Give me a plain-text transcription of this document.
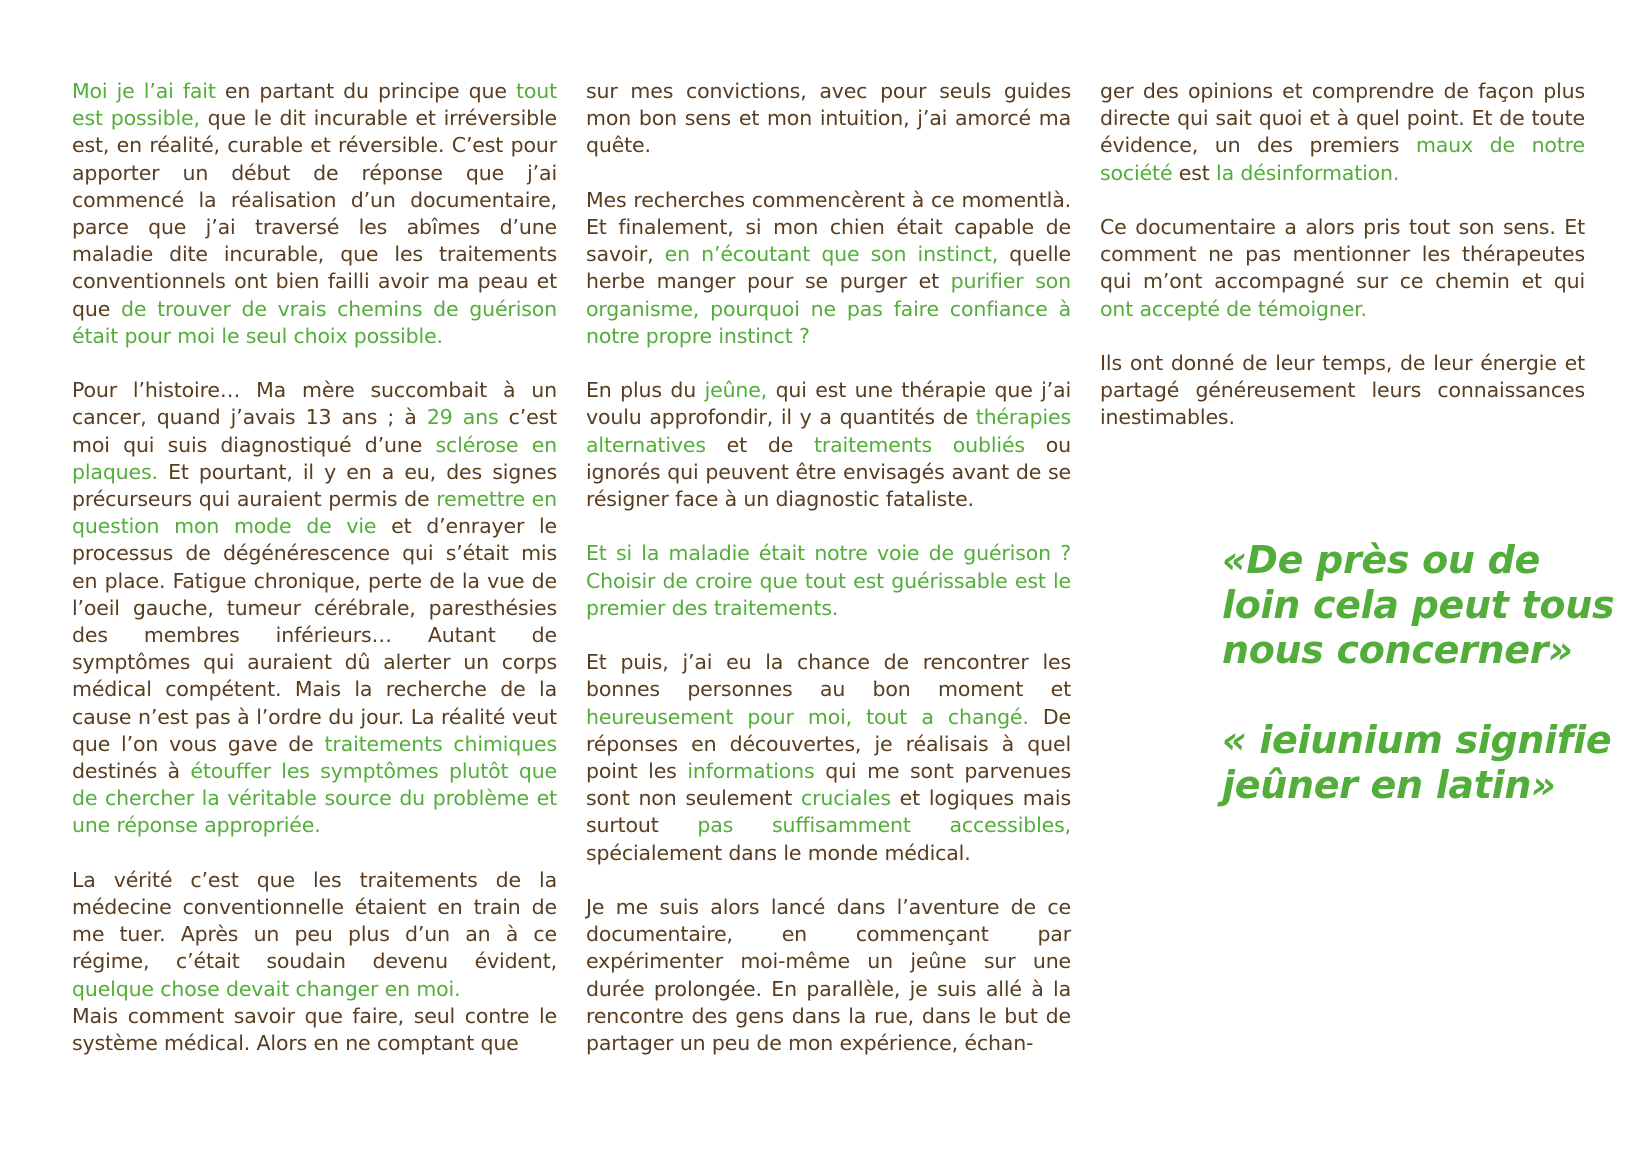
Moi je l’ai fait en partant du principe que tout est possible, que le dit incurable et irréversible est, en réalité, curable et réversible. C’est pour apporter un début de réponse que j’ai commencé la réalisation d’un documentaire, parce que j’ai traversé les abîmes d’une maladie dite incurable, que les traitements conventionnels ont bien failli avoir ma peau et que de trouver de vrais chemins de guérison était pour moi le seul choix possible.

Pour l’histoire… Ma mère succombait à un cancer, quand j’avais 13 ans ; à 29 ans c’est moi qui suis diagnostiqué d’une sclérose en plaques. Et pourtant, il y en a eu, des signes précurseurs qui auraient permis de remettre en question mon mode de vie et d’enrayer le processus de dégénérescence qui s’était mis en place. Fatigue chronique, perte de la vue de l’oeil gauche, tumeur cérébrale, paresthésies des membres inférieurs… Autant de symptômes qui auraient dû alerter un corps médical compétent. Mais la recherche de la cause n’est pas à l’ordre du jour. La réalité veut que l’on vous gave de traitements chimiques destinés à étouffer les symptômes plutôt que de chercher la véritable source du problème et une réponse appropriée.

La vérité c’est que les traitements de la médecine conventionnelle étaient en train de me tuer. Après un peu plus d’un an à ce régime, c’était soudain devenu évident, quelque chose devait changer en moi.

Mais comment savoir que faire, seul contre le système médical. Alors en ne comptant que

sur mes convictions, avec pour seuls guides mon bon sens et mon intuition, j’ai amorcé ma quête.

Mes recherches commencèrent à ce momentlà. Et finalement, si mon chien était capable de savoir, en n’écoutant que son instinct, quelle herbe manger pour se purger et purifier son organisme, pourquoi ne pas faire confiance à notre propre instinct ?

En plus du jeûne, qui est une thérapie que j’ai voulu approfondir, il y a quantités de thérapies alternatives et de traitements oubliés ou ignorés qui peuvent être envisagés avant de se résigner face à un diagnostic fataliste.

Et si la maladie était notre voie de guérison ? Choisir de croire que tout est guérissable est le premier des traitements.

Et puis, j’ai eu la chance de rencontrer les bonnes personnes au bon moment et heureusement pour moi, tout a changé. De réponses en découvertes, je réalisais à quel point les informations qui me sont parvenues sont non seulement cruciales et logiques mais surtout pas suffisamment accessibles, spécialement dans le monde médical.

Je me suis alors lancé dans l’aventure de ce documentaire, en commençant par expérimenter moi-même un jeûne sur une durée prolongée. En parallèle, je suis allé à la rencontre des gens dans la rue, dans le but de partager un peu de mon expérience, échan-

ger des opinions et comprendre de façon plus directe qui sait quoi et à quel point. Et de toute évidence, un des premiers maux de notre société est la désinformation.

Ce documentaire a alors pris tout son sens. Et comment ne pas mentionner les thérapeutes qui m’ont accompagné sur ce chemin et qui ont accepté de témoigner.

Ils ont donné de leur temps, de leur énergie et partagé généreusement leurs connaissances inestimables.

«De près ou de loin cela peut tous nous concerner»

« ieiunium signifie jeûner en latin»
